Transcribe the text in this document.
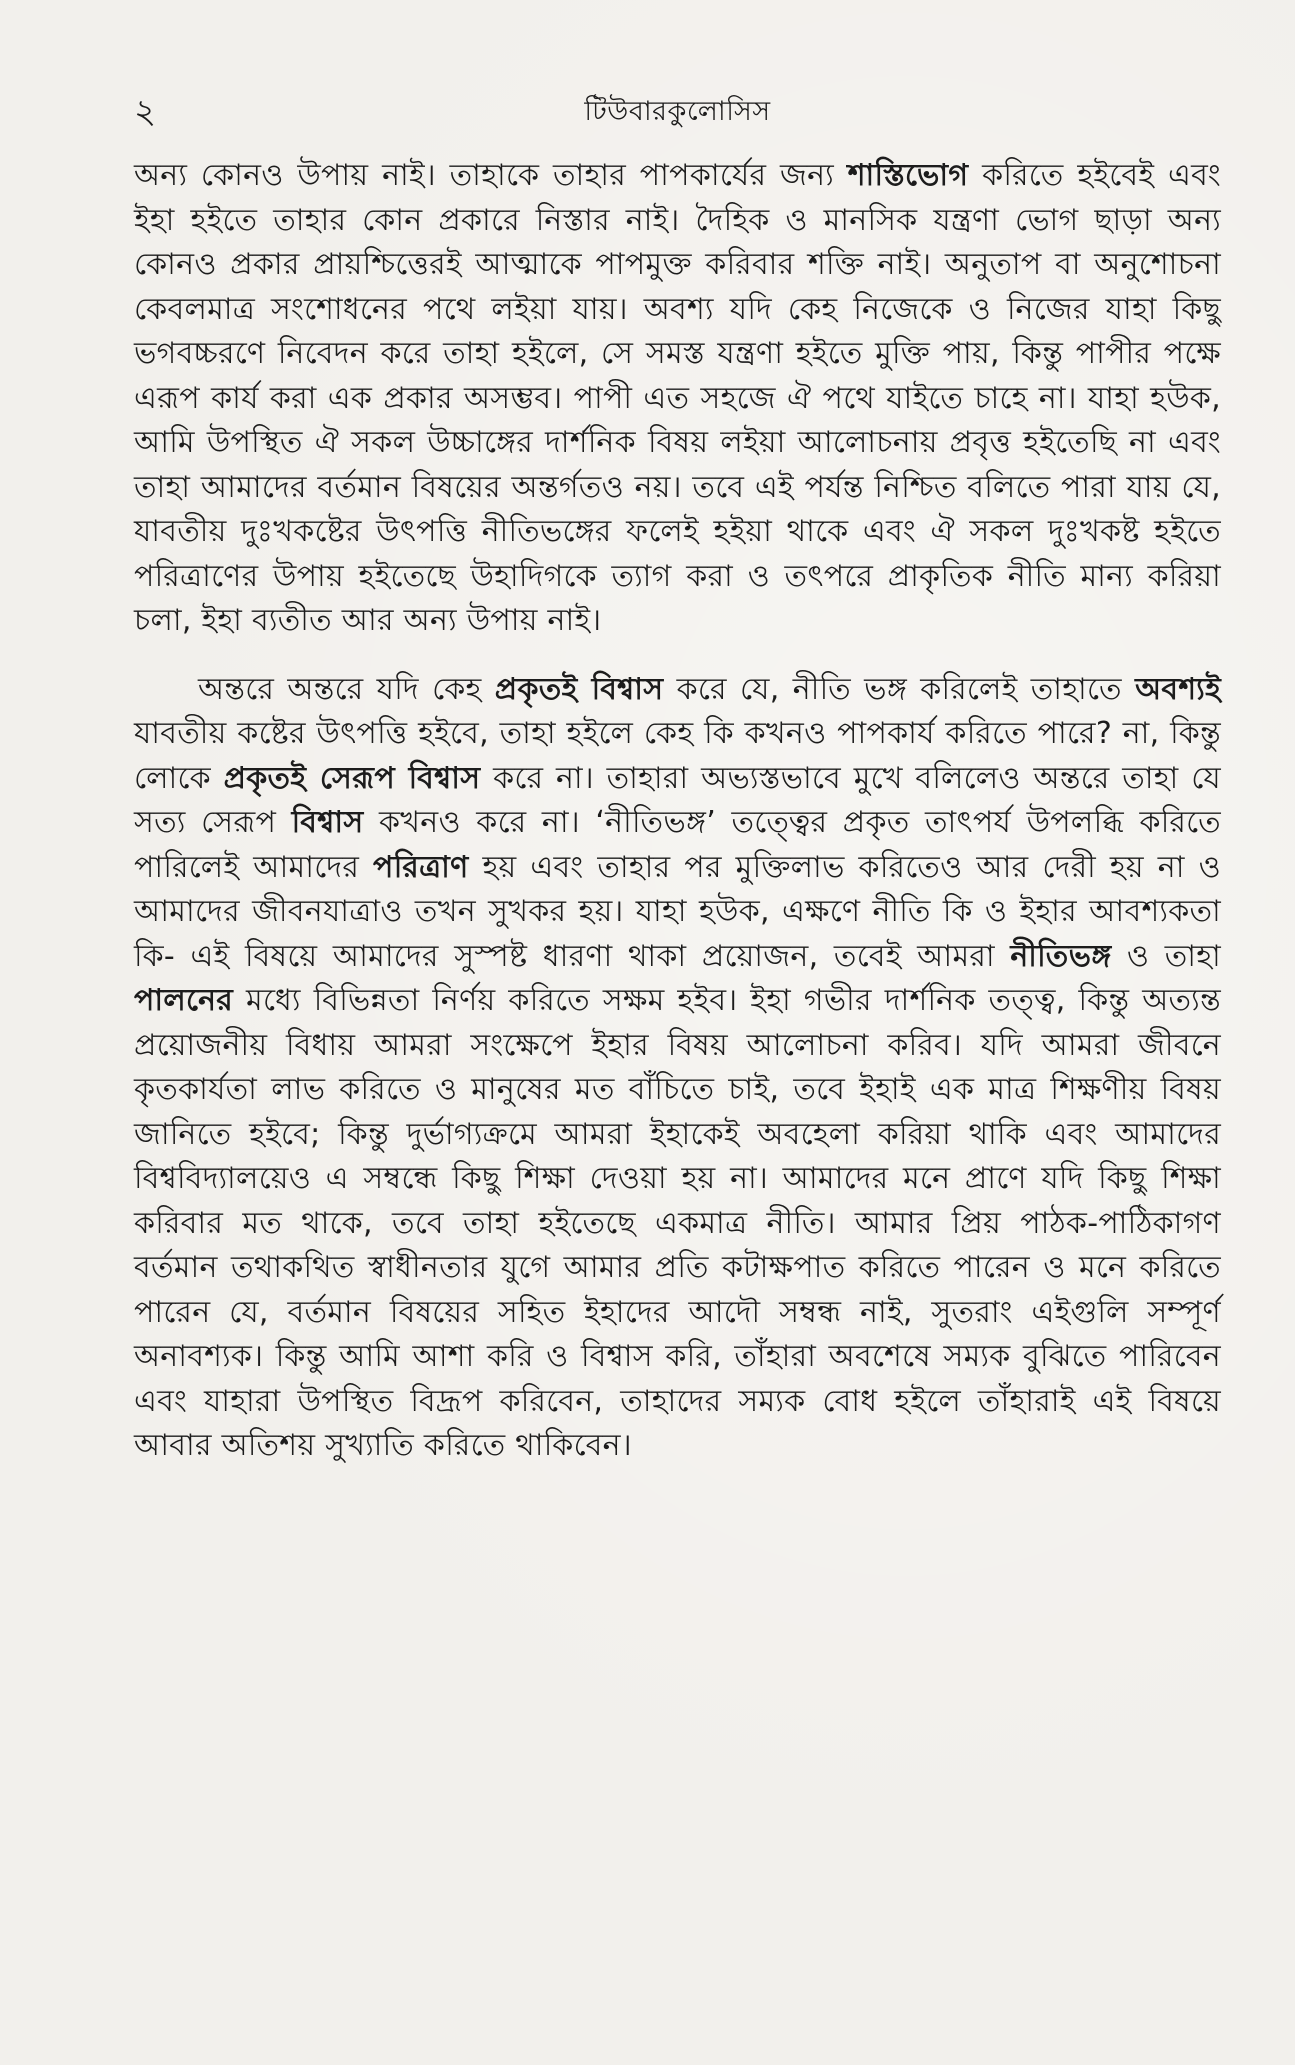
২	টিউবারকুলোসিস

অন্য কোনও উপায় নাই। তাহাকে তাহার পাপকার্যের জন্য শাস্তিভোগ করিতে হইবেই এবং ইহা হইতে তাহার কোন প্রকারে নিস্তার নাই। দৈহিক ও মানসিক যন্ত্রণা ভোগ ছাড়া অন্য কোনও প্রকার প্রায়শ্চিত্তেরই আত্মাকে পাপমুক্ত করিবার শক্তি নাই। অনুতাপ বা অনুশোচনা কেবলমাত্র সংশোধনের পথে লইয়া যায়। অবশ্য যদি কেহ নিজেকে ও নিজের যাহা কিছু ভগবচ্চরণে নিবেদন করে তাহা হইলে, সে সমস্ত যন্ত্রণা হইতে মুক্তি পায়, কিন্তু পাপীর পক্ষে এরূপ কার্য করা এক প্রকার অসম্ভব। পাপী এত সহজে ঐ পথে যাইতে চাহে না। যাহা হউক, আমি উপস্থিত ঐ সকল উচ্চাঙ্গের দার্শনিক বিষয় লইয়া আলোচনায় প্রবৃত্ত হইতেছি না এবং তাহা আমাদের বর্তমান বিষয়ের অন্তর্গতও নয়। তবে এই পর্যন্ত নিশ্চিত বলিতে পারা যায় যে, যাবতীয় দুঃখকষ্টের উৎপত্তি নীতিভঙ্গের ফলেই হইয়া থাকে এবং ঐ সকল দুঃখকষ্ট হইতে পরিত্রাণের উপায় হইতেছে উহাদিগকে ত্যাগ করা ও তৎপরে প্রাকৃতিক নীতি মান্য করিয়া চলা, ইহা ব্যতীত আর অন্য উপায় নাই।

অন্তরে অন্তরে যদি কেহ প্রকৃতই বিশ্বাস করে যে, নীতি ভঙ্গ করিলেই তাহাতে অবশ্যই যাবতীয় কষ্টের উৎপত্তি হইবে, তাহা হইলে কেহ কি কখনও পাপকার্য করিতে পারে? না, কিন্তু লোকে প্রকৃতই সেরূপ বিশ্বাস করে না। তাহারা অভ্যস্তভাবে মুখে বলিলেও অন্তরে তাহা যে সত্য সেরূপ বিশ্বাস কখনও করে না। ‘নীতিভঙ্গ’ তত্ত্বের প্রকৃত তাৎপর্য উপলব্ধি করিতে পারিলেই আমাদের পরিত্রাণ হয় এবং তাহার পর মুক্তিলাভ করিতেও আর দেরী হয় না ও আমাদের জীবনযাত্রাও তখন সুখকর হয়। যাহা হউক, এক্ষণে নীতি কি ও ইহার আবশ্যকতা কি- এই বিষয়ে আমাদের সুস্পষ্ট ধারণা থাকা প্রয়োজন, তবেই আমরা নীতিভঙ্গ ও তাহা পালনের মধ্যে বিভিন্নতা নির্ণয় করিতে সক্ষম হইব। ইহা গভীর দার্শনিক তত্ত্ব, কিন্তু অত্যন্ত প্রয়োজনীয় বিধায় আমরা সংক্ষেপে ইহার বিষয় আলোচনা করিব। যদি আমরা জীবনে কৃতকার্যতা লাভ করিতে ও মানুষের মত বাঁচিতে চাই, তবে ইহাই এক মাত্র শিক্ষণীয় বিষয় জানিতে হইবে; কিন্তু দুর্ভাগ্যক্রমে আমরা ইহাকেই অবহেলা করিয়া থাকি এবং আমাদের বিশ্ববিদ্যালয়েও এ সম্বন্ধে কিছু শিক্ষা দেওয়া হয় না। আমাদের মনে প্রাণে যদি কিছু শিক্ষা করিবার মত থাকে, তবে তাহা হইতেছে একমাত্র নীতি। আমার প্রিয় পাঠক-পাঠিকাগণ বর্তমান তথাকথিত স্বাধীনতার যুগে আমার প্রতি কটাক্ষপাত করিতে পারেন ও মনে করিতে পারেন যে, বর্তমান বিষয়ের সহিত ইহাদের আদৌ সম্বন্ধ নাই, সুতরাং এইগুলি সম্পূর্ণ অনাবশ্যক। কিন্তু আমি আশা করি ও বিশ্বাস করি, তাঁহারা অবশেষে সম্যক বুঝিতে পারিবেন এবং যাহারা উপস্থিত বিদ্রূপ করিবেন, তাহাদের সম্যক বোধ হইলে তাঁহারাই এই বিষয়ে আবার অতিশয় সুখ্যাতি করিতে থাকিবেন।
